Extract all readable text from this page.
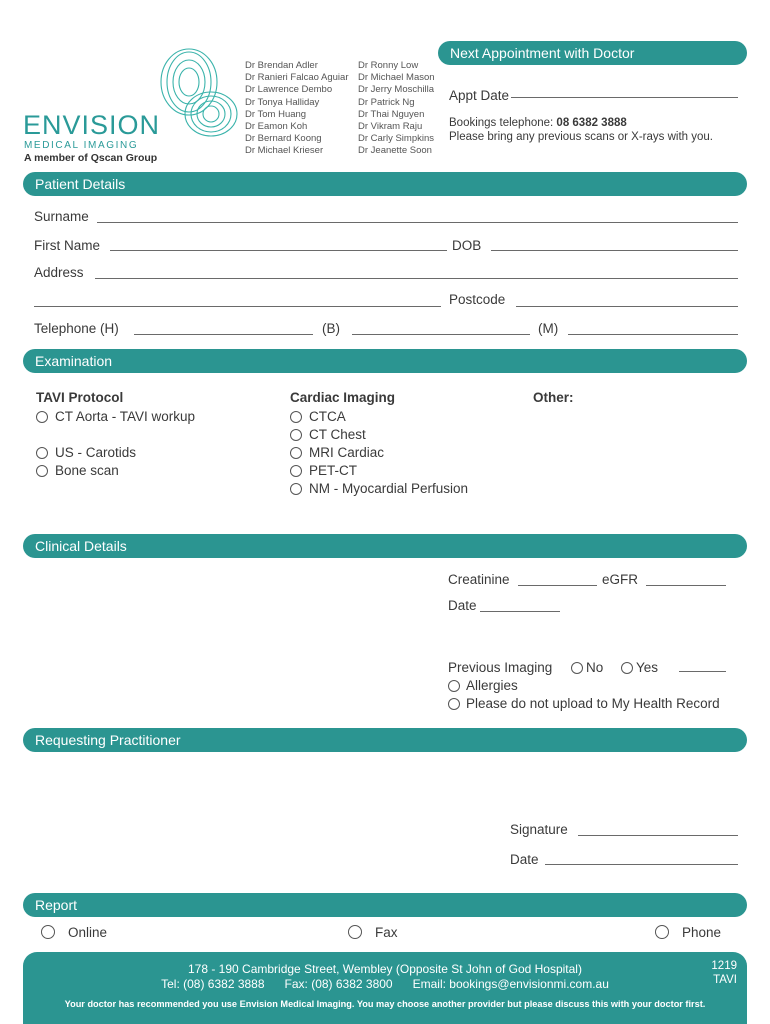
ENVISION
MEDICAL IMAGING
A member of Qscan Group
Dr Brendan Adler
Dr Ranieri Falcao Aguiar
Dr Lawrence Dembo
Dr Tonya Halliday
Dr Tom Huang
Dr Eamon Koh
Dr Bernard Koong
Dr Michael Krieser
Dr Ronny Low
Dr Michael Mason
Dr Jerry Moschilla
Dr Patrick Ng
Dr Thai Nguyen
Dr Vikram Raju
Dr Carly Simpkins
Dr Jeanette Soon
Next Appointment with Doctor
Appt Date
Bookings telephone: 08 6382 3888
Please bring any previous scans or X-rays with you.
Patient Details
Surname
First Name	DOB
Address
Postcode
Telephone (H)	(B)	(M)
Examination
TAVI Protocol
CT Aorta - TAVI workup
US - Carotids
Bone scan
Cardiac Imaging
CTCA
CT Chest
MRI Cardiac
PET-CT
NM - Myocardial Perfusion
Other:
Clinical Details
Creatinine	eGFR
Date
Previous Imaging	No	Yes
Allergies
Please do not upload to My Health Record
Requesting Practitioner
Signature
Date
Report
Online	Fax	Phone
178 - 190 Cambridge Street, Wembley (Opposite St John of God Hospital)
Tel: (08) 6382 3888      Fax: (08) 6382 3800      Email: bookings@envisionmi.com.au
1219
TAVI
Your doctor has recommended you use Envision Medical Imaging. You may choose another provider but please discuss this with your doctor first.
